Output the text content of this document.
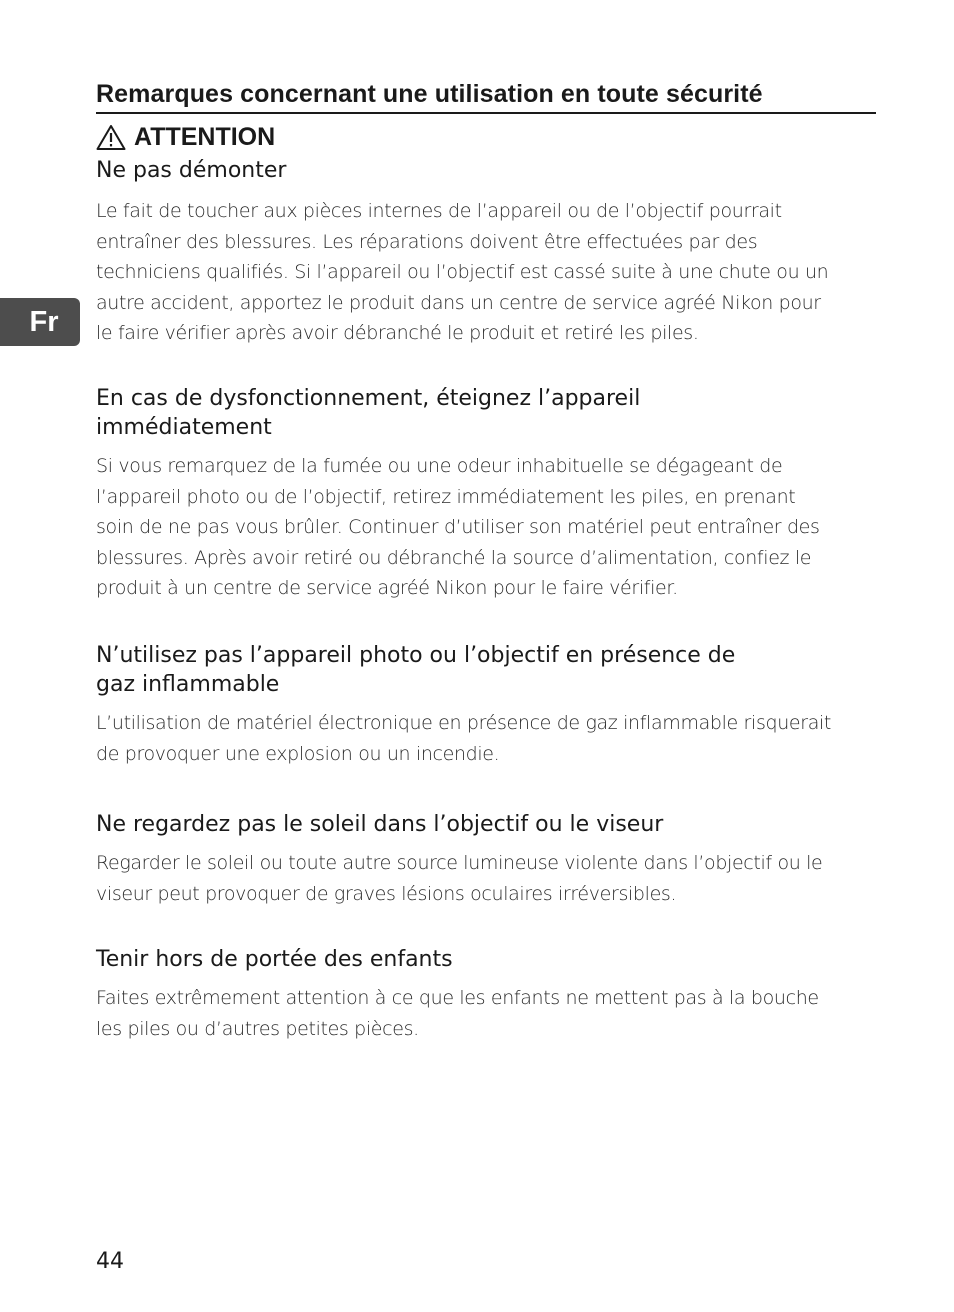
Remarques concernant une utilisation en toute sécurité
ATTENTION
Fr
Ne pas démonter

Le fait de toucher aux pièces internes de l’appareil ou de l’objectif pourrait
entraîner des blessures. Les réparations doivent être effectuées par des
techniciens qualifiés. Si l’appareil ou l’objectif est cassé suite à une chute ou un
autre accident, apportez le produit dans un centre de service agréé Nikon pour
le faire vérifier après avoir débranché le produit et retiré les piles.

En cas de dysfonctionnement, éteignez l’appareil
immédiatement

Si vous remarquez de la fumée ou une odeur inhabituelle se dégageant de
l’appareil photo ou de l’objectif, retirez immédiatement les piles, en prenant
soin de ne pas vous brûler. Continuer d’utiliser son matériel peut entraîner des
blessures. Après avoir retiré ou débranché la source d’alimentation, confiez le
produit à un centre de service agréé Nikon pour le faire vérifier.

N’utilisez pas l’appareil photo ou l’objectif en présence de
gaz inflammable

L’utilisation de matériel électronique en présence de gaz inflammable risquerait
de provoquer une explosion ou un incendie.

Ne regardez pas le soleil dans l’objectif ou le viseur

Regarder le soleil ou toute autre source lumineuse violente dans l’objectif ou le
viseur peut provoquer de graves lésions oculaires irréversibles.

Tenir hors de portée des enfants

Faites extrêmement attention à ce que les enfants ne mettent pas à la bouche
les piles ou d’autres petites pièces.

44
